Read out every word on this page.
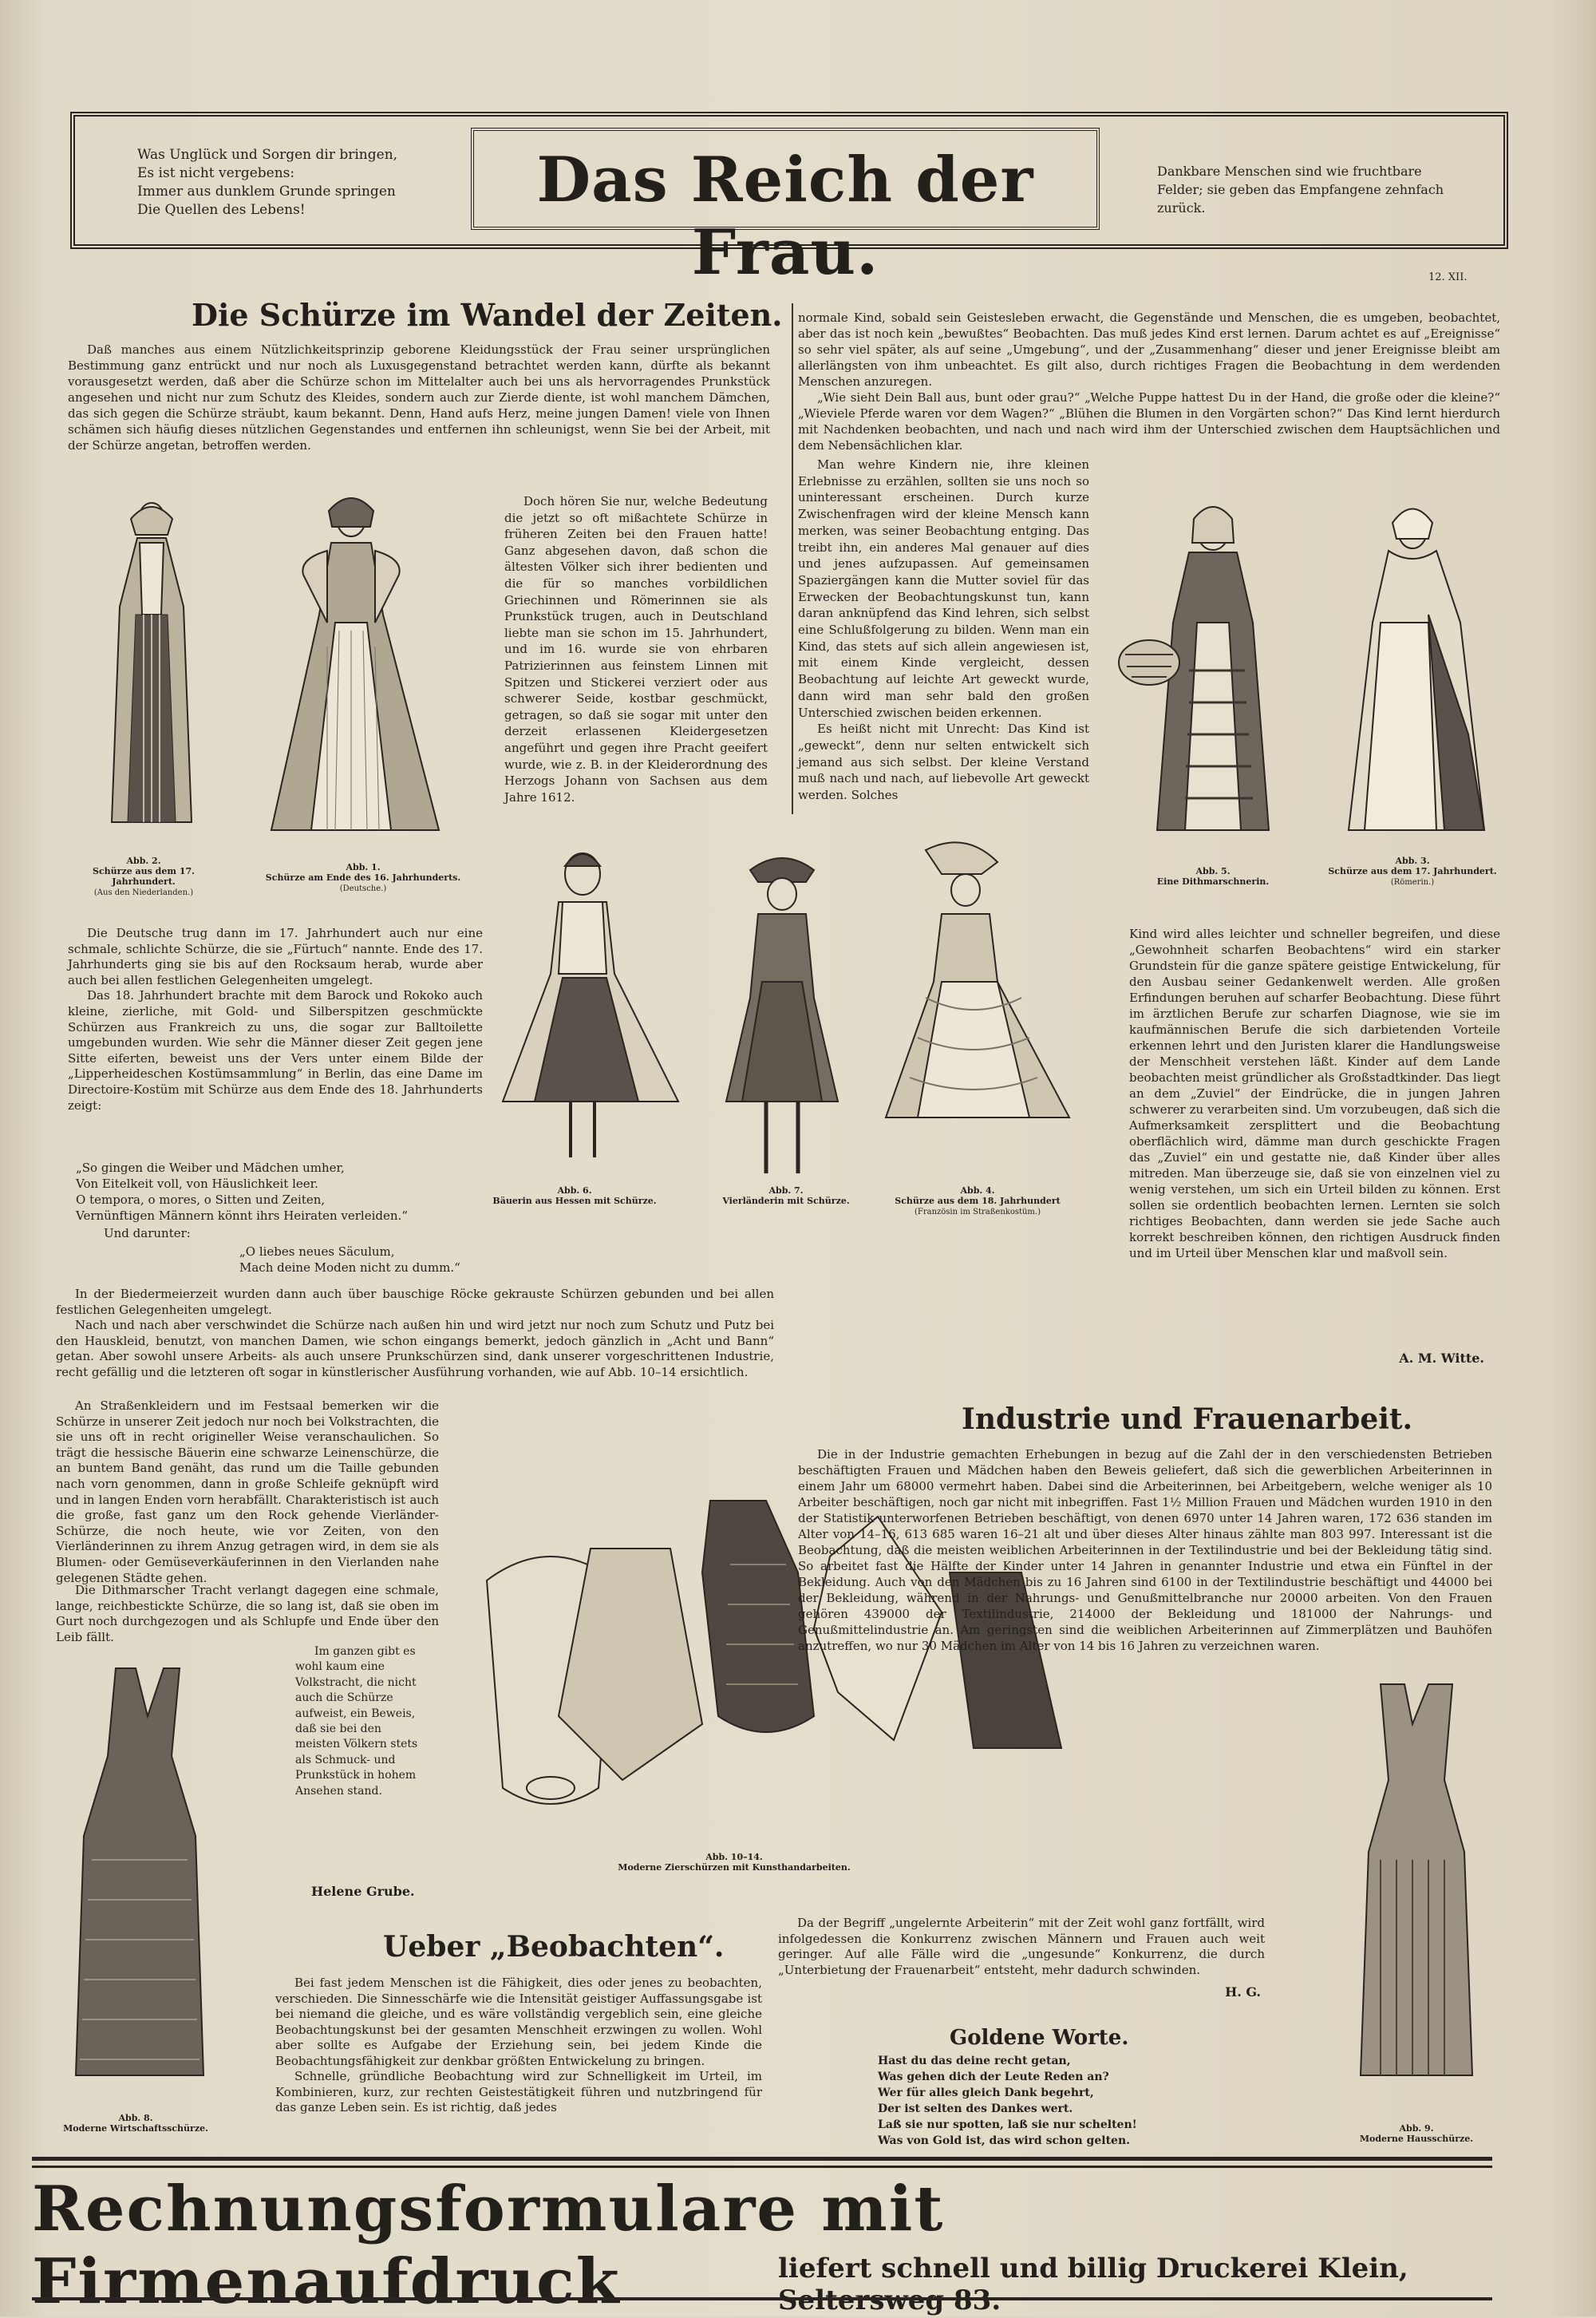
Was Unglück und Sorgen dir bringen,
Es ist nicht vergebens:
Immer aus dunklem Grunde springen
Die Quellen des Lebens!	Das Reich der Frau.
Dankbare Menschen sind wie fruchtbare
Felder; sie geben das Empfangene zehnfach
zurück.
12. XII.
Die Schürze im Wandel der Zeiten.

Daß manches aus einem Nützlichkeitsprinzip geborene Kleidungsstück der Frau seiner ursprünglichen Bestimmung ganz entrückt und nur noch als Luxusgegenstand betrachtet werden kann, dürfte als bekannt vorausgesetzt werden, daß aber die Schürze schon im Mittelalter auch bei uns als hervorragendes Prunkstück angesehen und nicht nur zum Schutz des Kleides, sondern auch zur Zierde diente, ist wohl manchem Dämchen, das sich gegen die Schürze sträubt, kaum bekannt. Denn, Hand aufs Herz, meine jungen Damen! viele von Ihnen schämen sich häufig dieses nützlichen Gegenstandes und entfernen ihn schleunigst, wenn Sie bei der Arbeit, mit der Schürze angetan, betroffen werden.

Doch hören Sie nur, welche Bedeutung die jetzt so oft mißachtete Schürze in früheren Zeiten bei den Frauen hatte! Ganz abgesehen davon, daß schon die ältesten Völker sich ihrer bedienten und die für so manches vorbildlichen Griechinnen und Römerinnen sie als Prunkstück trugen, auch in Deutschland liebte man sie schon im 15. Jahrhundert, und im 16. wurde sie von ehrbaren Patrizierinnen aus feinstem Linnen mit Spitzen und Stickerei verziert oder aus schwerer Seide, kostbar geschmückt, getragen, so daß sie sogar mit unter den derzeit erlassenen Kleidergesetzen angeführt und gegen ihre Pracht geeifert wurde, wie z. B. in der Kleiderordnung des Herzogs Johann von Sachsen aus dem Jahre 1612.

normale Kind, sobald sein Geistesleben erwacht, die Gegenstände und Menschen, die es umgeben, beobachtet, aber das ist noch kein „bewußtes“ Beobachten. Das muß jedes Kind erst lernen. Darum achtet es auf „Ereignisse“ so sehr viel später, als auf seine „Umgebung“, und der „Zusammenhang“ dieser und jener Ereignisse bleibt am allerlängsten von ihm unbeachtet. Es gilt also, durch richtiges Fragen die Beobachtung in dem werdenden Menschen anzuregen.

„Wie sieht Dein Ball aus, bunt oder grau?“ „Welche Puppe hattest Du in der Hand, die große oder die kleine?“ „Wieviele Pferde waren vor dem Wagen?“ „Blühen die Blumen in den Vorgärten schon?“ Das Kind lernt hierdurch mit Nachdenken beobachten, und nach und nach wird ihm der Unterschied zwischen dem Hauptsächlichen und dem Nebensächlichen klar.

Man wehre Kindern nie, ihre kleinen Erlebnisse zu erzählen, sollten sie uns noch so uninteressant erscheinen. Durch kurze Zwischenfragen wird der kleine Mensch kann merken, was seiner Beobachtung entging. Das treibt ihn, ein anderes Mal genauer auf dies und jenes aufzupassen. Auf gemeinsamen Spaziergängen kann die Mutter soviel für das Erwecken der Beobachtungskunst tun, kann daran anknüpfend das Kind lehren, sich selbst eine Schlußfolgerung zu bilden. Wenn man ein Kind, das stets auf sich allein angewiesen ist, mit einem Kinde vergleicht, dessen Beobachtung auf leichte Art geweckt wurde, dann wird man sehr bald den großen Unterschied zwischen beiden erkennen.

Es heißt nicht mit Unrecht: Das Kind ist „geweckt“, denn nur selten entwickelt sich jemand aus sich selbst. Der kleine Verstand muß nach und nach, auf liebevolle Art geweckt werden. Solches

Abb. 2.
Schürze aus dem 17. Jahrhundert.
(Aus den Niederlanden.)
Abb. 1.
Schürze am Ende des 16. Jahrhunderts.
(Deutsche.)
Abb. 5.
Eine Dithmarschnerin.
Abb. 3.
Schürze aus dem 17. Jahrhundert.
(Römerin.)

Die Deutsche trug dann im 17. Jahrhundert auch nur eine schmale, schlichte Schürze, die sie „Fürtuch“ nannte. Ende des 17. Jahrhunderts ging sie bis auf den Rocksaum herab, wurde aber auch bei allen festlichen Gelegenheiten umgelegt.

Das 18. Jahrhundert brachte mit dem Barock und Rokoko auch kleine, zierliche, mit Gold- und Silberspitzen geschmückte Schürzen aus Frankreich zu uns, die sogar zur Balltoilette umgebunden wurden. Wie sehr die Männer dieser Zeit gegen jene Sitte eiferten, beweist uns der Vers unter einem Bilde der „Lipperheideschen Kostümsammlung“ in Berlin, das eine Dame im Directoire-Kostüm mit Schürze aus dem Ende des 18. Jahrhunderts zeigt:

„So gingen die Weiber und Mädchen umher,
Von Eitelkeit voll, von Häuslichkeit leer.
O tempora, o mores, o Sitten und Zeiten,
Vernünftigen Männern könnt ihrs Heiraten verleiden.“
Und darunter:
„O liebes neues Säculum,
Mach deine Moden nicht zu dumm.“
Abb. 6.
Bäuerin aus Hessen mit Schürze.
Abb. 7.
Vierländerin mit Schürze.
Abb. 4.
Schürze aus dem 18. Jahrhundert
(Französin im Straßenkostüm.)

Kind wird alles leichter und schneller begreifen, und diese „Gewohnheit scharfen Beobachtens“ wird ein starker Grundstein für die ganze spätere geistige Entwickelung, für den Ausbau seiner Gedankenwelt werden. Alle großen Erfindungen beruhen auf scharfer Beobachtung. Diese führt im ärztlichen Berufe zur scharfen Diagnose, wie sie im kaufmännischen Berufe die sich darbietenden Vorteile erkennen lehrt und den Juristen klarer die Handlungsweise der Menschheit verstehen läßt. Kinder auf dem Lande beobachten meist gründlicher als Großstadtkinder. Das liegt an dem „Zuviel“ der Eindrücke, die in jungen Jahren schwerer zu verarbeiten sind. Um vorzubeugen, daß sich die Aufmerksamkeit zersplittert und die Beobachtung oberflächlich wird, dämme man durch geschickte Fragen das „Zuviel“ ein und gestatte nie, daß Kinder über alles mitreden. Man überzeuge sie, daß sie von einzelnen viel zu wenig verstehen, um sich ein Urteil bilden zu können. Erst sollen sie ordentlich beobachten lernen. Lernten sie solch richtiges Beobachten, dann werden sie jede Sache auch korrekt beschreiben können, den richtigen Ausdruck finden und im Urteil über Menschen klar und maßvoll sein.

A. M. Witte.

In der Biedermeierzeit wurden dann auch über bauschige Röcke gekrauste Schürzen gebunden und bei allen festlichen Gelegenheiten umgelegt.

Nach und nach aber verschwindet die Schürze nach außen hin und wird jetzt nur noch zum Schutz und Putz bei den Hauskleid, benutzt, von manchen Damen, wie schon eingangs bemerkt, jedoch gänzlich in „Acht und Bann“ getan. Aber sowohl unsere Arbeits- als auch unsere Prunkschürzen sind, dank unserer vorgeschrittenen Industrie, recht gefällig und die letzteren oft sogar in künstlerischer Ausführung vorhanden, wie auf Abb. 10–14 ersichtlich.

An Straßenkleidern und im Festsaal bemerken wir die Schürze in unserer Zeit jedoch nur noch bei Volkstrachten, die sie uns oft in recht origineller Weise veranschaulichen. So trägt die hessische Bäuerin eine schwarze Leinenschürze, die an buntem Band genäht, das rund um die Taille gebunden nach vorn genommen, dann in große Schleife geknüpft wird und in langen Enden vorn herabfällt. Charakteristisch ist auch die große, fast ganz um den Rock gehende Vierländer-Schürze, die noch heute, wie vor Zeiten, von den Vierländerinnen zu ihrem Anzug getragen wird, in dem sie als Blumen- oder Gemüseverkäuferinnen in den Vierlanden nahe gelegenen Städte gehen.

Die Dithmarscher Tracht verlangt dagegen eine schmale, lange, reichbestickte Schürze, die so lang ist, daß sie oben im Gurt noch durchgezogen und als Schlupfe und Ende über den Leib fällt.

Im ganzen gibt es wohl kaum eine Volkstracht, die nicht auch die Schürze aufweist, ein Beweis, daß sie bei den meisten Völkern stets als Schmuck- und Prunkstück in hohem Ansehen stand.

Helene Grube.
Abb. 8.
Moderne Wirtschaftsschürze.
Abb. 10–14.
Moderne Zierschürzen mit Kunsthandarbeiten.
Industrie und Frauenarbeit.

Die in der Industrie gemachten Erhebungen in bezug auf die Zahl der in den verschiedensten Betrieben beschäftigten Frauen und Mädchen haben den Beweis geliefert, daß sich die gewerblichen Arbeiterinnen in einem Jahr um 68000 vermehrt haben. Dabei sind die Arbeiterinnen, bei Arbeitgebern, welche weniger als 10 Arbeiter beschäftigen, noch gar nicht mit inbegriffen. Fast 1½ Million Frauen und Mädchen wurden 1910 in den der Statistik unterworfenen Betrieben beschäftigt, von denen 6970 unter 14 Jahren waren, 172 636 standen im Alter von 14–16, 613 685 waren 16–21 alt und über dieses Alter hinaus zählte man 803 997. Interessant ist die Beobachtung, daß die meisten weiblichen Arbeiterinnen in der Textilindustrie und bei der Bekleidung tätig sind. So arbeitet fast die Hälfte der Kinder unter 14 Jahren in genannter Industrie und etwa ein Fünftel in der Bekleidung. Auch von den Mädchen bis zu 16 Jahren sind 6100 in der Textilindustrie beschäftigt und 44000 bei der Bekleidung, während in der Nahrungs- und Genußmittelbranche nur 20000 arbeiten. Von den Frauen gehören 439000 der Textilindustrie, 214000 der Bekleidung und 181000 der Nahrungs- und Genußmittelindustrie an. Am geringsten sind die weiblichen Arbeiterinnen auf Zimmerplätzen und Bauhöfen anzutreffen, wo nur 30 Mädchen im Alter von 14 bis 16 Jahren zu verzeichnen waren.

Da der Begriff „ungelernte Arbeiterin“ mit der Zeit wohl ganz fortfällt, wird infolgedessen die Konkurrenz zwischen Männern und Frauen auch weit geringer. Auf alle Fälle wird die „ungesunde“ Konkurrenz, die durch „Unterbietung der Frauenarbeit“ entsteht, mehr dadurch schwinden.

H. G.
Abb. 9.
Moderne Hausschürze.
Ueber „Beobachten“.

Bei fast jedem Menschen ist die Fähigkeit, dies oder jenes zu beobachten, verschieden. Die Sinnesschärfe wie die Intensität geistiger Auffassungsgabe ist bei niemand die gleiche, und es wäre vollständig vergeblich sein, eine gleiche Beobachtungskunst bei der gesamten Menschheit erzwingen zu wollen. Wohl aber sollte es Aufgabe der Erziehung sein, bei jedem Kinde die Beobachtungsfähigkeit zur denkbar größten Entwickelung zu bringen.

Schnelle, gründliche Beobachtung wird zur Schnelligkeit im Urteil, im Kombinieren, kurz, zur rechten Geistestätigkeit führen und nutzbringend für das ganze Leben sein. Es ist richtig, daß jedes

Goldene Worte.
Hast du das deine recht getan,
Was gehen dich der Leute Reden an?
Wer für alles gleich Dank begehrt,
Der ist selten des Dankes wert.
Laß sie nur spotten, laß sie nur schelten!
Was von Gold ist, das wird schon gelten.
Rechnungsformulare mit Firmenaufdruck	liefert schnell und billig Druckerei Klein, Seltersweg 83.
